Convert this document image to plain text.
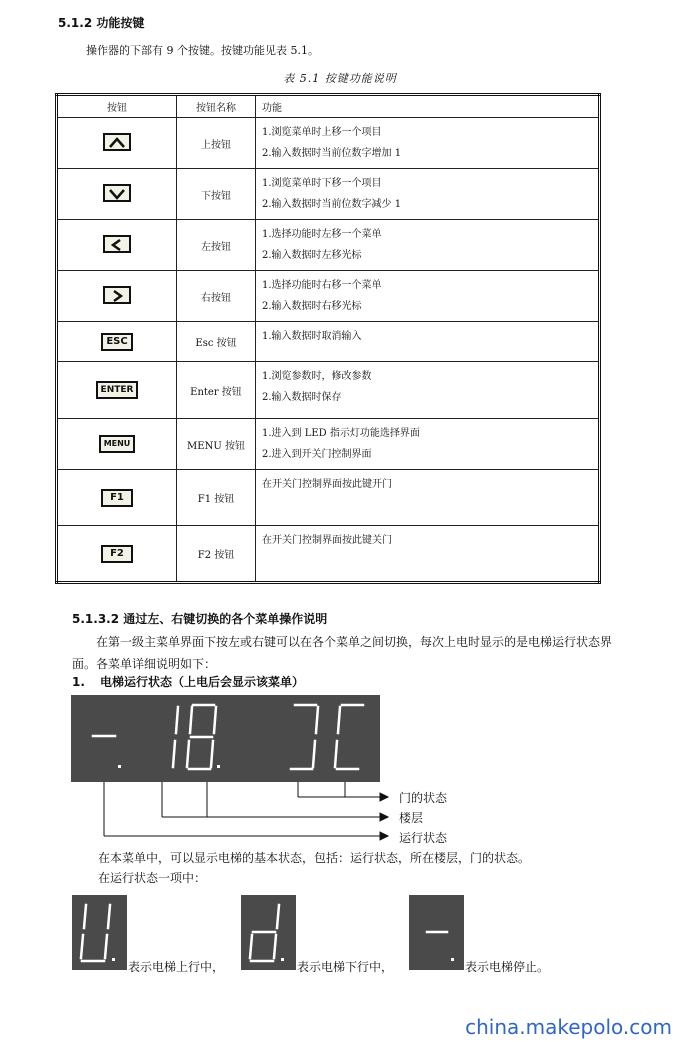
5.1.2 功能按键
操作器的下部有 9 个按键。按键功能见表 5.1。
表 5.1 按键功能说明
按钮	按钮名称	功能

	上按钮	1.浏览菜单时上移一个项目
2.输入数据时当前位数字增加 1

	下按钮	1.浏览菜单时下移一个项目
2.输入数据时当前位数字减少 1

	左按钮	1.选择功能时左移一个菜单
2.输入数据时左移光标

	右按钮	1.选择功能时右移一个菜单
2.输入数据时右移光标

ESC	Esc 按钮	1.输入数据时取消输入

ENTER	Enter 按钮	1.浏览参数时，修改参数
2.输入数据时保存

MENU	MENU 按钮	1.进入到 LED 指示灯功能选择界面
2.进入到开关门控制界面

F1	F1 按钮	在开关门控制界面按此键开门

F2	F2 按钮	在开关门控制界面按此键关门
5.1.3.2 通过左、右键切换的各个菜单操作说明
在第一级主菜单界面下按左或右键可以在各个菜单之间切换，每次上电时显示的是电梯运行状态界面。各菜单详细说明如下：
1. 电梯运行状态（上电后会显示该菜单）
门的状态
楼层
运行状态
在本菜单中，可以显示电梯的基本状态，包括：运行状态，所在楼层，门的状态。
在运行状态一项中：
表示电梯上行中，	表示电梯下行中，	表示电梯停止。
china.makepolo.com
